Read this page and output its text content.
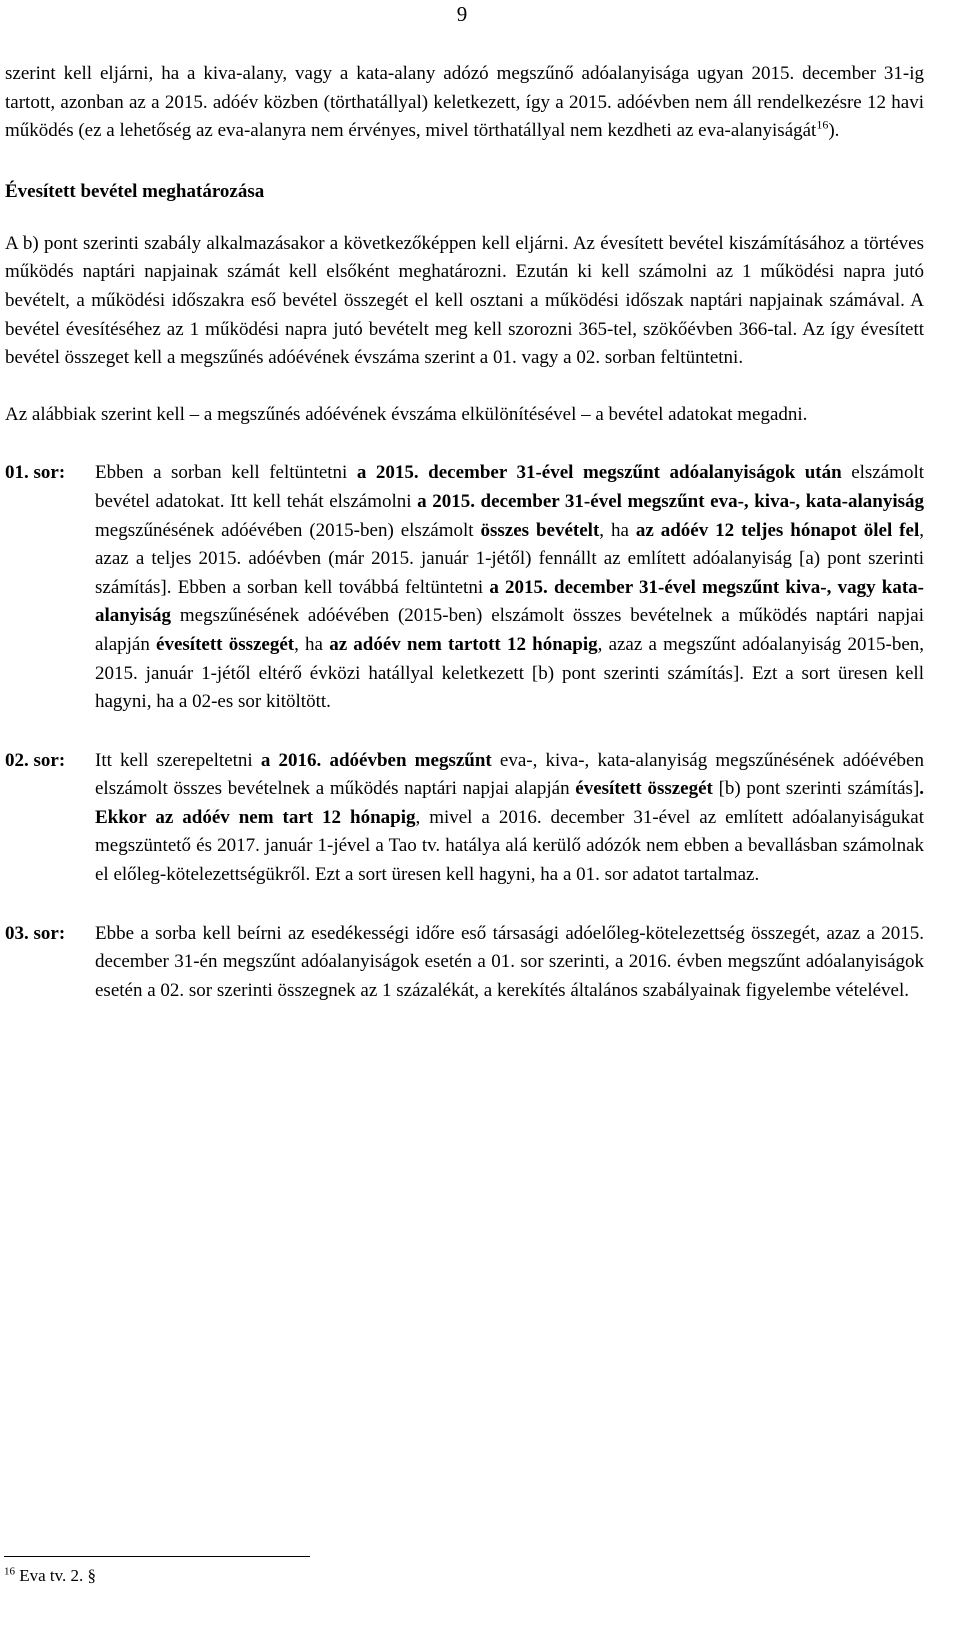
9

szerint kell eljárni, ha a kiva-alany, vagy a kata-alany adózó megszűnő adóalanyisága ugyan 2015. december 31-ig tartott, azonban az a 2015. adóév közben (törthatállyal) keletkezett, így a 2015. adóévben nem áll rendelkezésre 12 havi működés (ez a lehetőség az eva-alanyra nem érvényes, mivel törthatállyal nem kezdheti az eva-alanyiságát$^{16}$).

Évesített bevétel meghatározása

A b) pont szerinti szabály alkalmazásakor a következőképpen kell eljárni. Az évesített bevétel kiszámításához a törtéves működés naptári napjainak számát kell elsőként meghatározni. Ezután ki kell számolni az 1 működési napra jutó bevételt, a működési időszakra eső bevétel összegét el kell osztani a működési időszak naptári napjainak számával. A bevétel évesítéséhez az 1 működési napra jutó bevételt meg kell szorozni 365-tel, szökőévben 366-tal. Az így évesített bevétel összeget kell a megszűnés adóévének évszáma szerint a 01. vagy a 02. sorban feltüntetni.

Az alábbiak szerint kell – a megszűnés adóévének évszáma elkülönítésével – a bevétel adatokat megadni.

01. sor:	Ebben a sorban kell feltüntetni a 2015. december 31-ével megszűnt adóalanyiságok után elszámolt bevétel adatokat. Itt kell tehát elszámolni a 2015. december 31-ével megszűnt eva-, kiva-, kata-alanyiság megszűnésének adóévében (2015-ben) elszámolt összes bevételt, ha az adóév 12 teljes hónapot ölel fel, azaz a teljes 2015. adóévben (már 2015. január 1-jétől) fennállt az említett adóalanyiság [a) pont szerinti számítás]. Ebben a sorban kell továbbá feltüntetni a 2015. december 31-ével megszűnt kiva-, vagy kata-alanyiság megszűnésének adóévében (2015-ben) elszámolt összes bevételnek a működés naptári napjai alapján évesített összegét, ha az adóév nem tartott 12 hónapig, azaz a megszűnt adóalanyiság 2015-ben, 2015. január 1-jétől eltérő évközi hatállyal keletkezett [b) pont szerinti számítás]. Ezt a sort üresen kell hagyni, ha a 02-es sor kitöltött.
02. sor:	Itt kell szerepeltetni a 2016. adóévben megszűnt eva-, kiva-, kata-alanyiság megszűnésének adóévében elszámolt összes bevételnek a működés naptári napjai alapján évesített összegét [b) pont szerinti számítás]. Ekkor az adóév nem tart 12 hónapig, mivel a 2016. december 31-ével az említett adóalanyiságukat megszüntető és 2017. január 1-jével a Tao tv. hatálya alá kerülő adózók nem ebben a bevallásban számolnak el előleg-kötelezettségükről. Ezt a sort üresen kell hagyni, ha a 01. sor adatot tartalmaz.
03. sor:	Ebbe a sorba kell beírni az esedékességi időre eső társasági adóelőleg-kötelezettség összegét, azaz a 2015. december 31-én megszűnt adóalanyiságok esetén a 01. sor szerinti, a 2016. évben megszűnt adóalanyiságok esetén a 02. sor szerinti összegnek az 1 százalékát, a kerekítés általános szabályainak figyelembe vételével.
$^{16}$ Eva tv. 2. §
